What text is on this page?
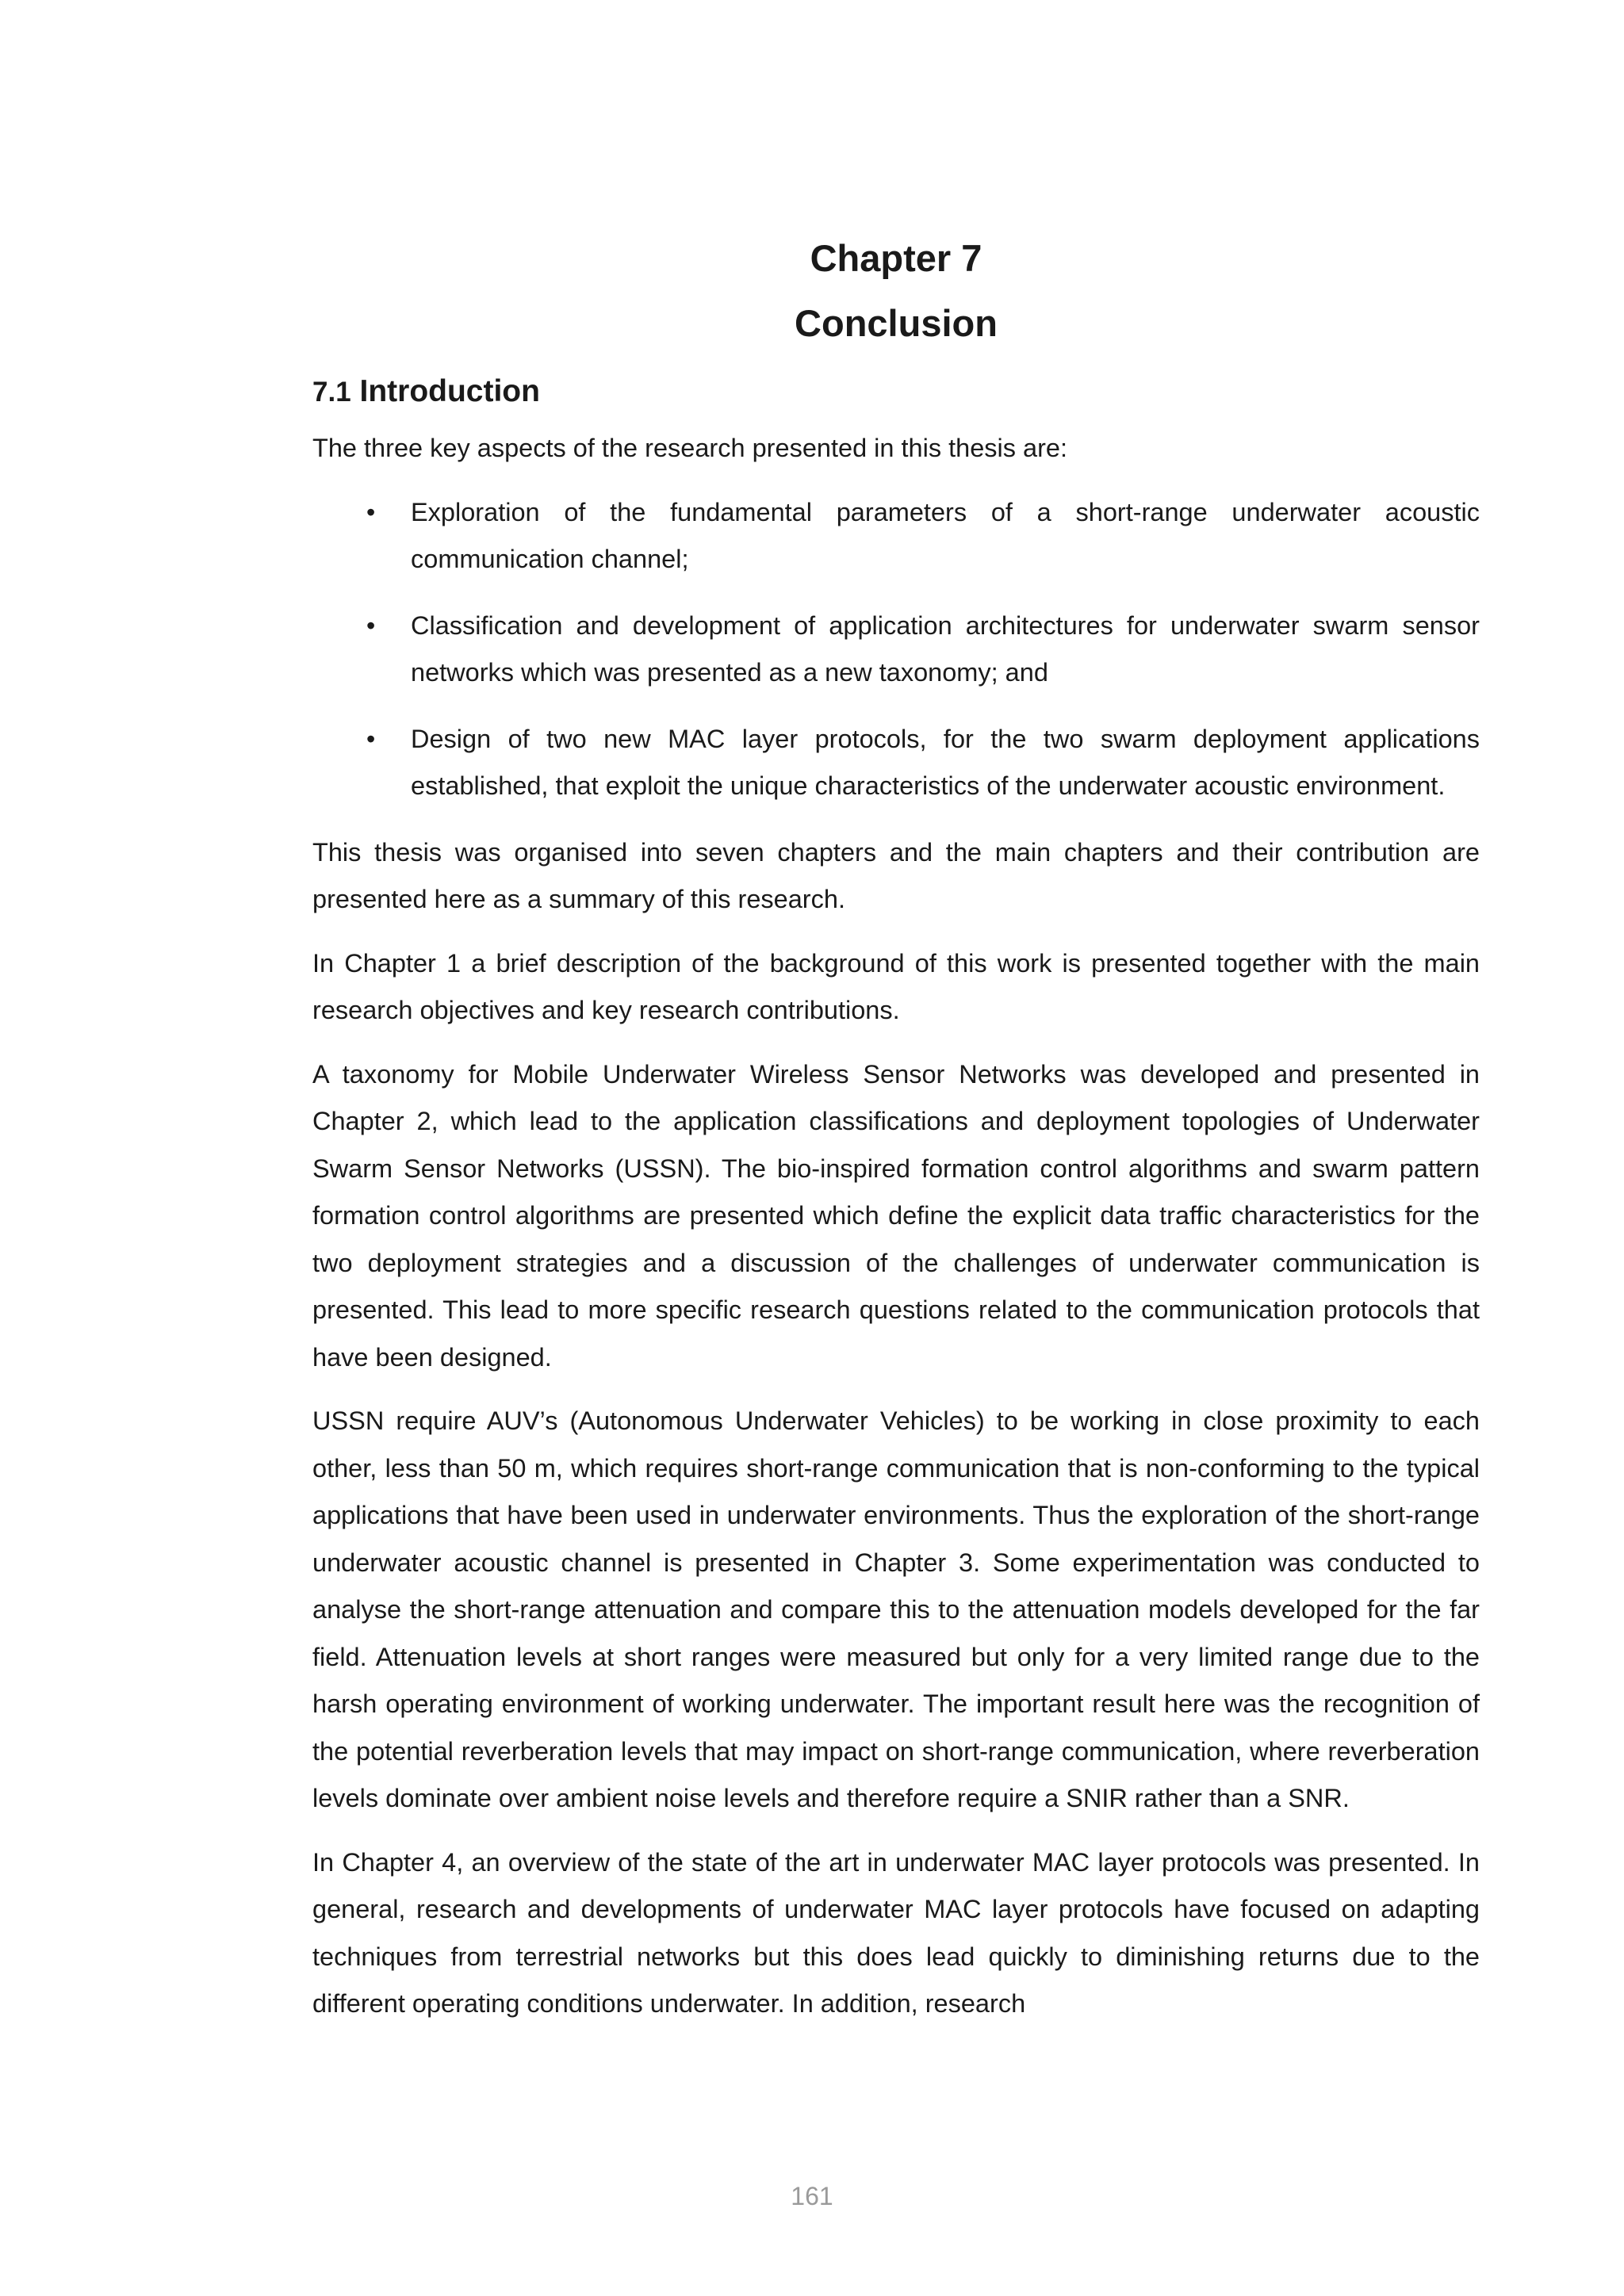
Chapter 7
Conclusion
7.1 Introduction

The three key aspects of the research presented in this thesis are:

• Exploration of the fundamental parameters of a short-range underwater acoustic communication channel;
• Classification and development of application architectures for underwater swarm sensor networks which was presented as a new taxonomy; and
• Design of two new MAC layer protocols, for the two swarm deployment applications established, that exploit the unique characteristics of the underwater acoustic environment.

This thesis was organised into seven chapters and the main chapters and their contribution are presented here as a summary of this research.

In Chapter 1 a brief description of the background of this work is presented together with the main research objectives and key research contributions.

A taxonomy for Mobile Underwater Wireless Sensor Networks was developed and presented in Chapter 2, which lead to the application classifications and deployment topologies of Underwater Swarm Sensor Networks (USSN). The bio-inspired formation control algorithms and swarm pattern formation control algorithms are presented which define the explicit data traffic characteristics for the two deployment strategies and a discussion of the challenges of underwater communication is presented. This lead to more specific research questions related to the communication protocols that have been designed.

USSN require AUV’s (Autonomous Underwater Vehicles) to be working in close proximity to each other, less than 50 m, which requires short-range communication that is non-conforming to the typical applications that have been used in underwater environments. Thus the exploration of the short-range underwater acoustic channel is presented in Chapter 3. Some experimentation was conducted to analyse the short-range attenuation and compare this to the attenuation models developed for the far field. Attenuation levels at short ranges were measured but only for a very limited range due to the harsh operating environment of working underwater. The important result here was the recognition of the potential reverberation levels that may impact on short-range communication, where reverberation levels dominate over ambient noise levels and therefore require a SNIR rather than a SNR.

In Chapter 4, an overview of the state of the art in underwater MAC layer protocols was presented. In general, research and developments of underwater MAC layer protocols have focused on adapting techniques from terrestrial networks but this does lead quickly to diminishing returns due to the different operating conditions underwater. In addition, research

161
